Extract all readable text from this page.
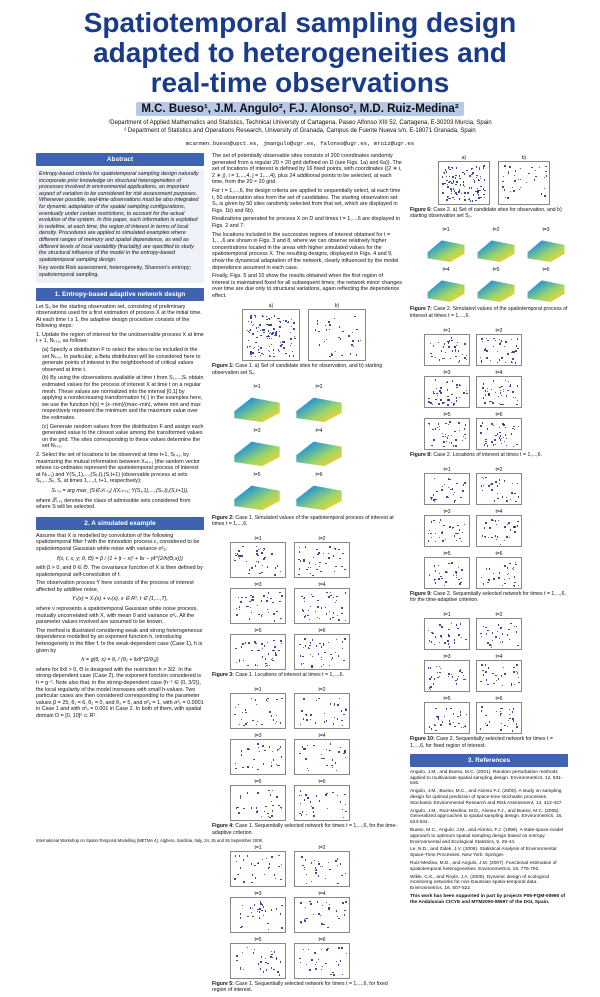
Spatiotemporal sampling design
adapted to heterogeneities and
real-time observations
M.C. Bueso¹, J.M. Angulo², F.J. Alonso², M.D. Ruiz-Medina²
¹Department of Applied Mathematics and Statistics, Technical University of Cartagena, Paseo Alfonso XIII 52, Cartagena, E-30203 Murcia, Spain
² Department of Statistics and Operations Research, University of Granada, Campus de Fuente Nueva s/n, E-18071 Granada, Spain
mcarmen.bueso@upct.es, jmangulo@ugr.es, falonso@ugr.es, mruiz@ugr.es
Abstract

Entropy-based criteria for spatiotemporal sampling design naturally incorporate prior knowledge on structural heterogeneities of processes involved in environmental applications, an important aspect of variation to be considered for risk assessment purposes. Whenever possible, real-time observations must be also integrated for dynamic adaptation of the spatial sampling configurations, eventually under certain restrictions, to account for the actual evolution of the system. In this paper, such information is exploited to redefine, at each time, the region of interest in terms of local density. Procedures are applied to simulated examples where different ranges of memory and spatial dependence, as well as different levels of local variability (fractality) are specified to study the structural influence of the model in the entropy-based spatiotemporal sampling design.

Key words:Risk assessment, heterogeneity, Shannon's entropy; spatiotemporal sampling.

1. Entropy-based adaptive network design

Let S₀ be the starting observation set, consisting of preliminary observations used for a first estimation of process X at the initial time. At each time t ≥ 1, the adaptive design procedure consists of the following steps:

1. Update the region of interest for the unobservable process X at time t + 1, Nₜ₊₁, as follows:

(a) Specify a distribution F to select the sites to be included in the set Nₜ₊₁. In particular, a Beta distribution will be considered here to generate points of interest in the neighborhood of critical values observed at time t.

(b) By using the observations available at time t from S₁,...,Sₜ obtain estimated values for the process of interest X at time t on a regular mesh. These values are normalized into the interval [0,1] by applying a nondecreasing transformation h(·) in the examples here, we use the function h(x) = (x−min)/(max−min), where min and max respectively represent the minimum and the maximum value over the estimates.

(c) Generate random values from the distribution F and assign each generated value to the closest value among the transformed values on the grid. The sites corresponding to these values determine the set Nₜ₊₁.

2. Select the set of locations to be observed at time t+1, Sₜ₊₁, by maximizing the mutual information between Xₙₜ₊₁ (the random vector whose co-ordinates represent the spatiotemporal process of interest at Nₜ₊₁) and Y(S₁,1),...,(Sₜ,t),(S,t+1) (observable process at sets S₁,...,Sₜ, S, at times 1,...,t, t+1, respectively):

Sₜ₊₁ = arg max_{S∈𝒮ₜ₊₁} I(Xₙₜ₊₁; Y(S₁,1),...,(Sₜ,t),(S,t+1)),

where 𝒮ₜ₊₁ denotes the class of admissible sets considered from where S will be selected.

2. A simulated example

Assume that X is modelled by convolution of the following spatiotemporal filter f with the innovation process ε, considered to be spatiotemporal Gaussian white noise with variance σ²ₑ:

f(s, t, x, y; θ, Θ) = β / (1 + |t − s|² + ‖x − y‖^{2/h(Θ,x)})

with β > 0, and θ ∈ Θ. The covariance function of X is then defined by spatiotemporal self-convolution of f.

The observation process Y here consists of the process of interest affected by additive noise,

Yₜ(x) = Xₜ(x) + νₜ(x), x ∈ R², t ∈ {1,...,T},

where ν represents a spatiotemporal Gaussian white noise process, mutually uncorrelated with X, with mean 0 and variance σ²ᵥ. All the parameter values involved are assumed to be known.

The method is illustrated considering weak and strong heterogeneous dependence modelled by an exponent function h, introducing heterogeneity in the filter f. In the weak-dependent case (Case 1), h is given by

h = g(θ, x) = θ₁ / (θ₂ + ‖x‖^{2/θ₃})

where for ‖x‖ > 0, Θ is designed with the restriction h > 3/2. In the strong-dependent case (Case 2), the exponent function considered is h = g⁻¹. Note also that, in the strong-dependent case (h⁻¹ ∈ (0, 3/2)), the local regularity of the model increases with small h-values. Two particular cases are then considered corresponding to the parameter values β = 25, θ₁ = 6, θ₂ = 0, and θ₃ = 5, and σ²ₑ = 1, with σ²ᵥ = 0.0001 in Case 1 and with σ²ᵥ = 0.001 in Case 2. In both of them, with spatial domain D = [0, 10]² ⊂ R².

The set of potentially observable sites consists of 200 coordinates randomly generated from a regular 20 × 20 grid defined on D (see Figs. 1a) and 6a)). The set of locations of interest is defined by 16 fixed points, with coordinates {(2 ∗ i, 2 ∗ j), i = 1,...,4, j = 1,...,4}, plus 24 additional points to be selected, at each time, from the 20 × 20 grid.

For t = 1,...,6, the design criteria are applied to sequentially select, at each time t, 50 observation sites from the set of candidates. The starting observation set S₀ is given by 50 sites randomly selected from that set, which are displayed in Figs. 1b) and 6b).

Realizations generated for process X on D and times t = 1,...,6 are displayed in Figs. 2 and 7.

The locations included in the successive regions of interest obtained for t = 1,...,6 are shown in Figs. 3 and 8, where we can observe relatively higher concentrations located in the areas with higher simulated values for the spatiotemporal process X. The resulting designs, displayed in Figs. 4 and 9, show the dynamical adaptation of the network, clearly influenced by the model dependence assumed in each case.

Finally, Figs. 5 and 10 show the results obtained when the first region of interest is maintained fixed for all subsequent times; the network minor changes over time are due only to structural variations, again reflecting the dependence effect.

a)	b)
Figure 1: Case 1. a) Set of candidate sites for observation, and b) starting observation set S₀.
t=1	t=2
t=3	t=4
t=5	t=6
Figure 2: Case 1. Simulated values of the spatiotemporal process of interest at times t = 1,...,6.
t=1	t=2
t=3	t=4
t=5	t=6
Figure 3: Case 1. Locations of interest at times t = 1,...,6.
t=1	t=2
t=3	t=4
t=5	t=6
Figure 4: Case 1. Sequentially selected network for times t = 1,...,6, for the time-adaptive criterion.
t=1	t=2
t=3	t=4
t=5	t=6
Figure 5: Case 1. Sequentially selected network for times t = 1,...,6, for fixed region of interest.
a)	b)
Figure 6: Case 2. a) Set of candidate sites for observation, and b) starting observation set S₀.
t=1	t=2	t=3
t=4	t=5	t=6
Figure 7: Case 2. Simulated values of the spatiotemporal process of interest at times t = 1,...,6.
t=1	t=2
t=3	t=4
t=5	t=6
Figure 8: Case 2. Locations of interest at times t = 1,...,6.
t=1	t=2
t=3	t=4
t=5	t=6
Figure 9: Case 2. Sequentially selected network for times t = 1,...,6, for the time-adaptive criterion.
t=1	t=2
t=3	t=4
t=5	t=6
Figure 10: Case 2. Sequentially selected network for times t = 1,...,6, for fixed region of interest.
3. References
Angulo, J.M., and Bueso, M.C. (2001). Random perturbation methods applied to multivariate spatial sampling design. Environmetrics, 12, 631-646.
Angulo, J.M., Bueso, M.C., and Alonso F.J. (2000). A study on sampling design for optimal prediction of space-time stochastic processes. Stochastic Environmental Research and Risk Assessment, 14, 412-427.
Angulo, J.M., Ruiz-Medina, M.D., Alonso F.J., and Bueso, M.C. (2005). Generalized approaches to spatial sampling design. Environmetrics, 16, 523-534.
Bueso, M.C., Angulo, J.M., and Alonso, F.J. (1998). A state-space model approach to optimum spatial sampling design based on entropy. Environmental and Ecological Statistics, 5, 29-44.
Le, N.D., and Zidek, J.V. (2006). Statistical Analysis of Environmental Space-Time Processes. New York: Springer.
Ruiz-Medina, M.D., and Angulo, J.M. (2007). Functional estimation of spatiotemporal heterogeneities. Environmetrics, 18, 775-792.
Wikle, C.K., and Royle, J.A. (2005). Dynamic design of ecological monitoring networks for non-Gaussian spatio-temporal data. Environmetrics, 16, 507-522.
This work has been supported in part by projects P05-FQM-00990 of the Andalusian CICYE and MTM2005-08597 of the DGI, Spain.
International Workshop on Spatio-Temporal Modelling (METMA 4), Alghero, Sardinia, Italy, 24, 25 and 26 September 2008.
